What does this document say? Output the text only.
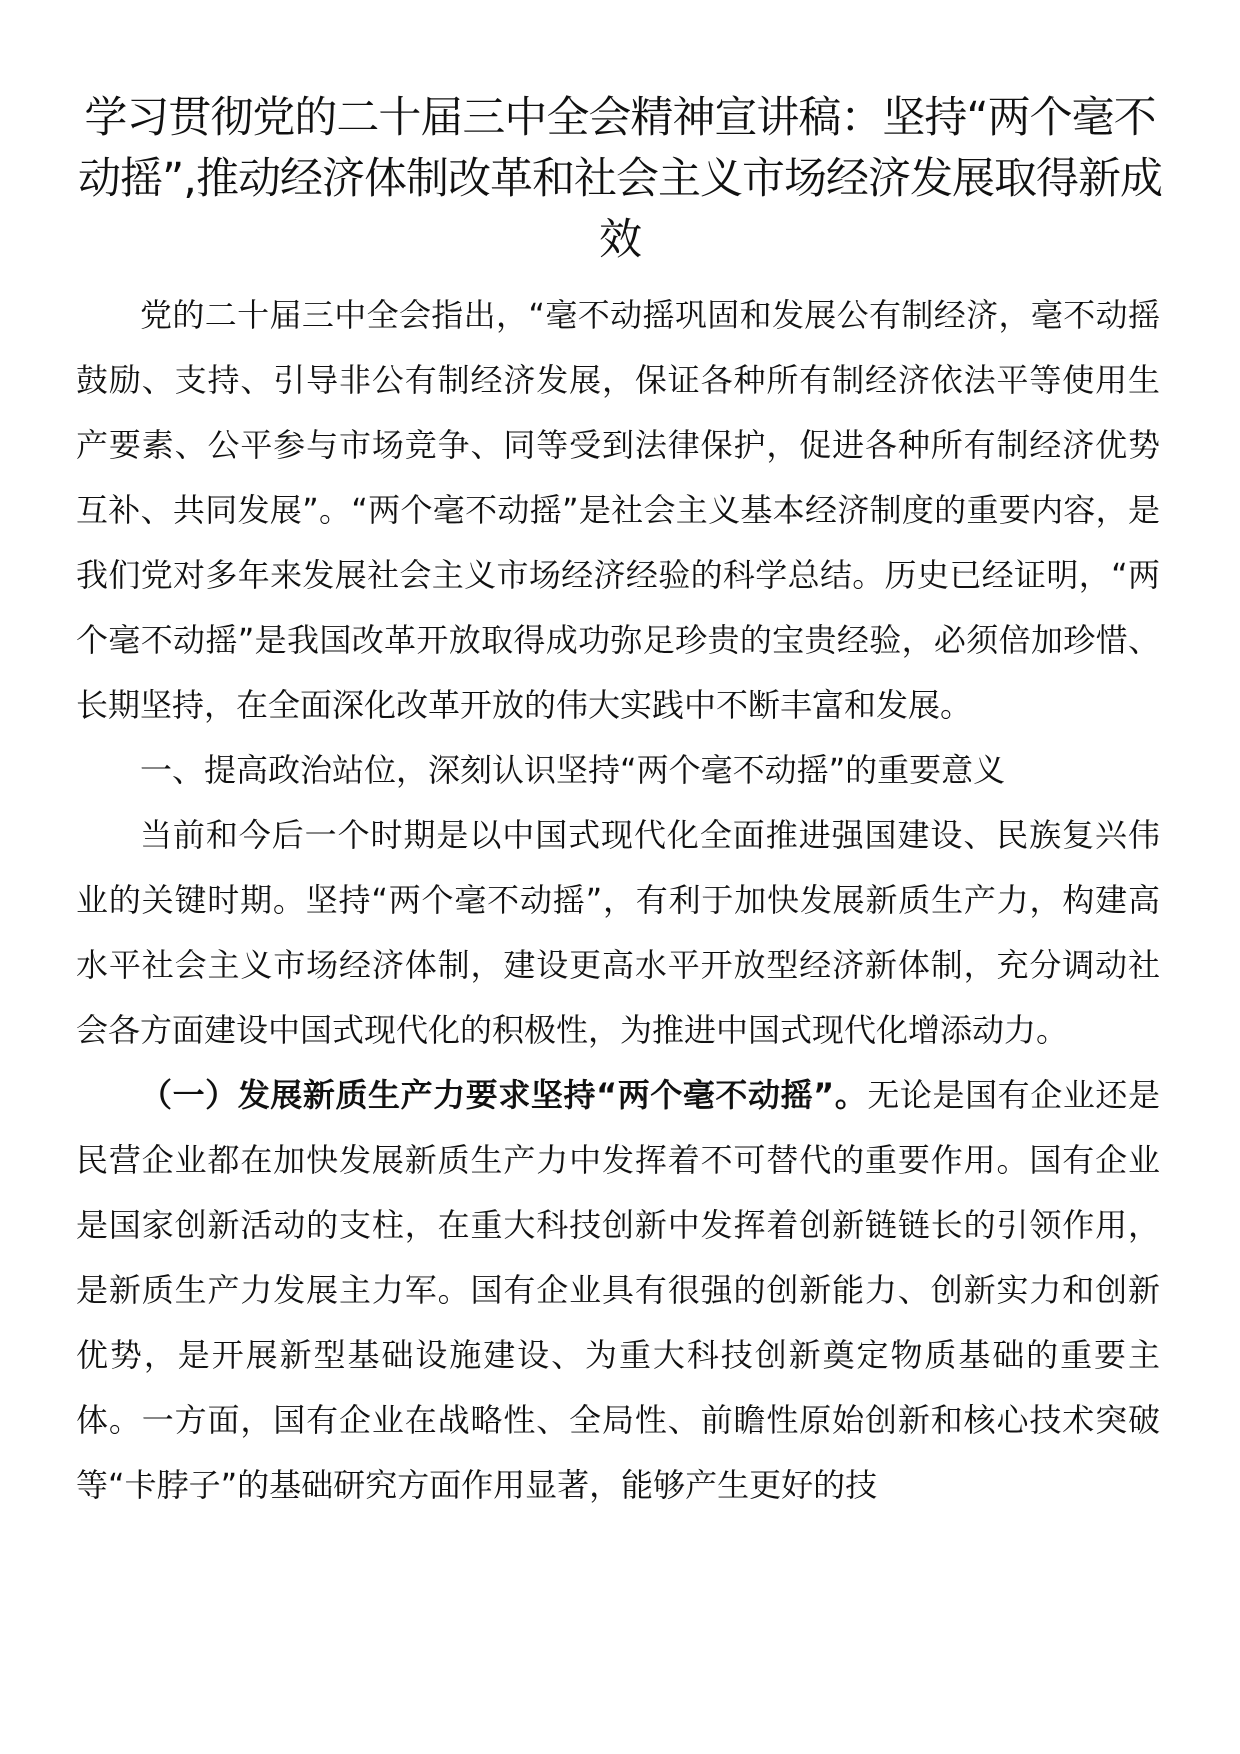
学习贯彻党的二十届三中全会精神宣讲稿：坚持“两个毫不动摇”,推动经济体制改革和社会主义市场经济发展取得新成效

党的二十届三中全会指出，“毫不动摇巩固和发展公有制经济，毫不动摇鼓励、支持、引导非公有制经济发展，保证各种所有制经济依法平等使用生产要素、公平参与市场竞争、同等受到法律保护，促进各种所有制经济优势互补、共同发展”。“两个毫不动摇”是社会主义基本经济制度的重要内容，是我们党对多年来发展社会主义市场经济经验的科学总结。历史已经证明，“两个毫不动摇”是我国改革开放取得成功弥足珍贵的宝贵经验，必须倍加珍惜、长期坚持，在全面深化改革开放的伟大实践中不断丰富和发展。

一、提高政治站位，深刻认识坚持“两个毫不动摇”的重要意义

当前和今后一个时期是以中国式现代化全面推进强国建设、民族复兴伟业的关键时期。坚持“两个毫不动摇”，有利于加快发展新质生产力，构建高水平社会主义市场经济体制，建设更高水平开放型经济新体制，充分调动社会各方面建设中国式现代化的积极性，为推进中国式现代化增添动力。

（一）发展新质生产力要求坚持“两个毫不动摇”。无论是国有企业还是民营企业都在加快发展新质生产力中发挥着不可替代的重要作用。国有企业是国家创新活动的支柱，在重大科技创新中发挥着创新链链长的引领作用，是新质生产力发展主力军。国有企业具有很强的创新能力、创新实力和创新优势，是开展新型基础设施建设、为重大科技创新奠定物质基础的重要主体。一方面，国有企业在战略性、全局性、前瞻性原始创新和核心技术突破等“卡脖子”的基础研究方面作用显著，能够产生更好的技
